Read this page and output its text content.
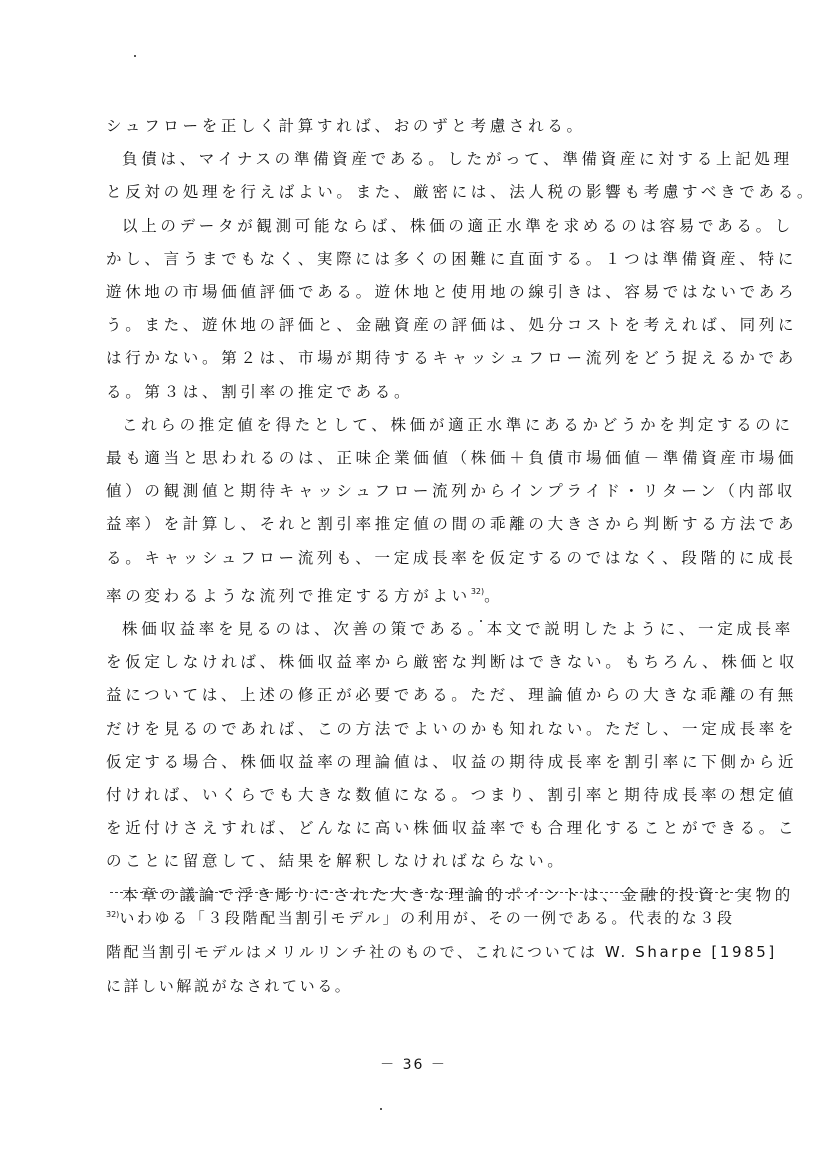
シュフローを正しく計算すれば、おのずと考慮される。

負債は、マイナスの準備資産である。したがって、準備資産に対する上記処理

と反対の処理を行えばよい。また、厳密には、法人税の影響も考慮すべきである。

以上のデータが観測可能ならば、株価の適正水準を求めるのは容易である。し

かし、言うまでもなく、実際には多くの困難に直面する。１つは準備資産、特に

遊休地の市場価値評価である。遊休地と使用地の線引きは、容易ではないであろ

う。また、遊休地の評価と、金融資産の評価は、処分コストを考えれば、同列に

は行かない。第２は、市場が期待するキャッシュフロー流列をどう捉えるかであ

る。第３は、割引率の推定である。

これらの推定値を得たとして、株価が適正水準にあるかどうかを判定するのに

最も適当と思われるのは、正味企業価値（株価＋負債市場価値－準備資産市場価

値）の観測値と期待キャッシュフロー流列からインプライド・リターン（内部収

益率）を計算し、それと割引率推定値の間の乖離の大きさから判断する方法であ

る。キャッシュフロー流列も、一定成長率を仮定するのではなく、段階的に成長

率の変わるような流列で推定する方がよい$^{32)}$。

株価収益率を見るのは、次善の策である。本文で説明したように、一定成長率

を仮定しなければ、株価収益率から厳密な判断はできない。もちろん、株価と収

益については、上述の修正が必要である。ただ、理論値からの大きな乖離の有無

だけを見るのであれば、この方法でよいのかも知れない。ただし、一定成長率を

仮定する場合、株価収益率の理論値は、収益の期待成長率を割引率に下側から近

付ければ、いくらでも大きな数値になる。つまり、割引率と期待成長率の想定値

を近付けさえすれば、どんなに高い株価収益率でも合理化することができる。こ

のことに留意して、結果を解釈しなければならない。

本章の議論で浮き彫りにされた大きな理論的ポイントは、金融的投資と実物的

$^{32)}$いわゆる「３段階配当割引モデル」の利用が、その一例である。代表的な３段

階配当割引モデルはメリルリンチ社のもので、これについては W. Sharpe [1985]

に詳しい解説がなされている。

－ 36 －
